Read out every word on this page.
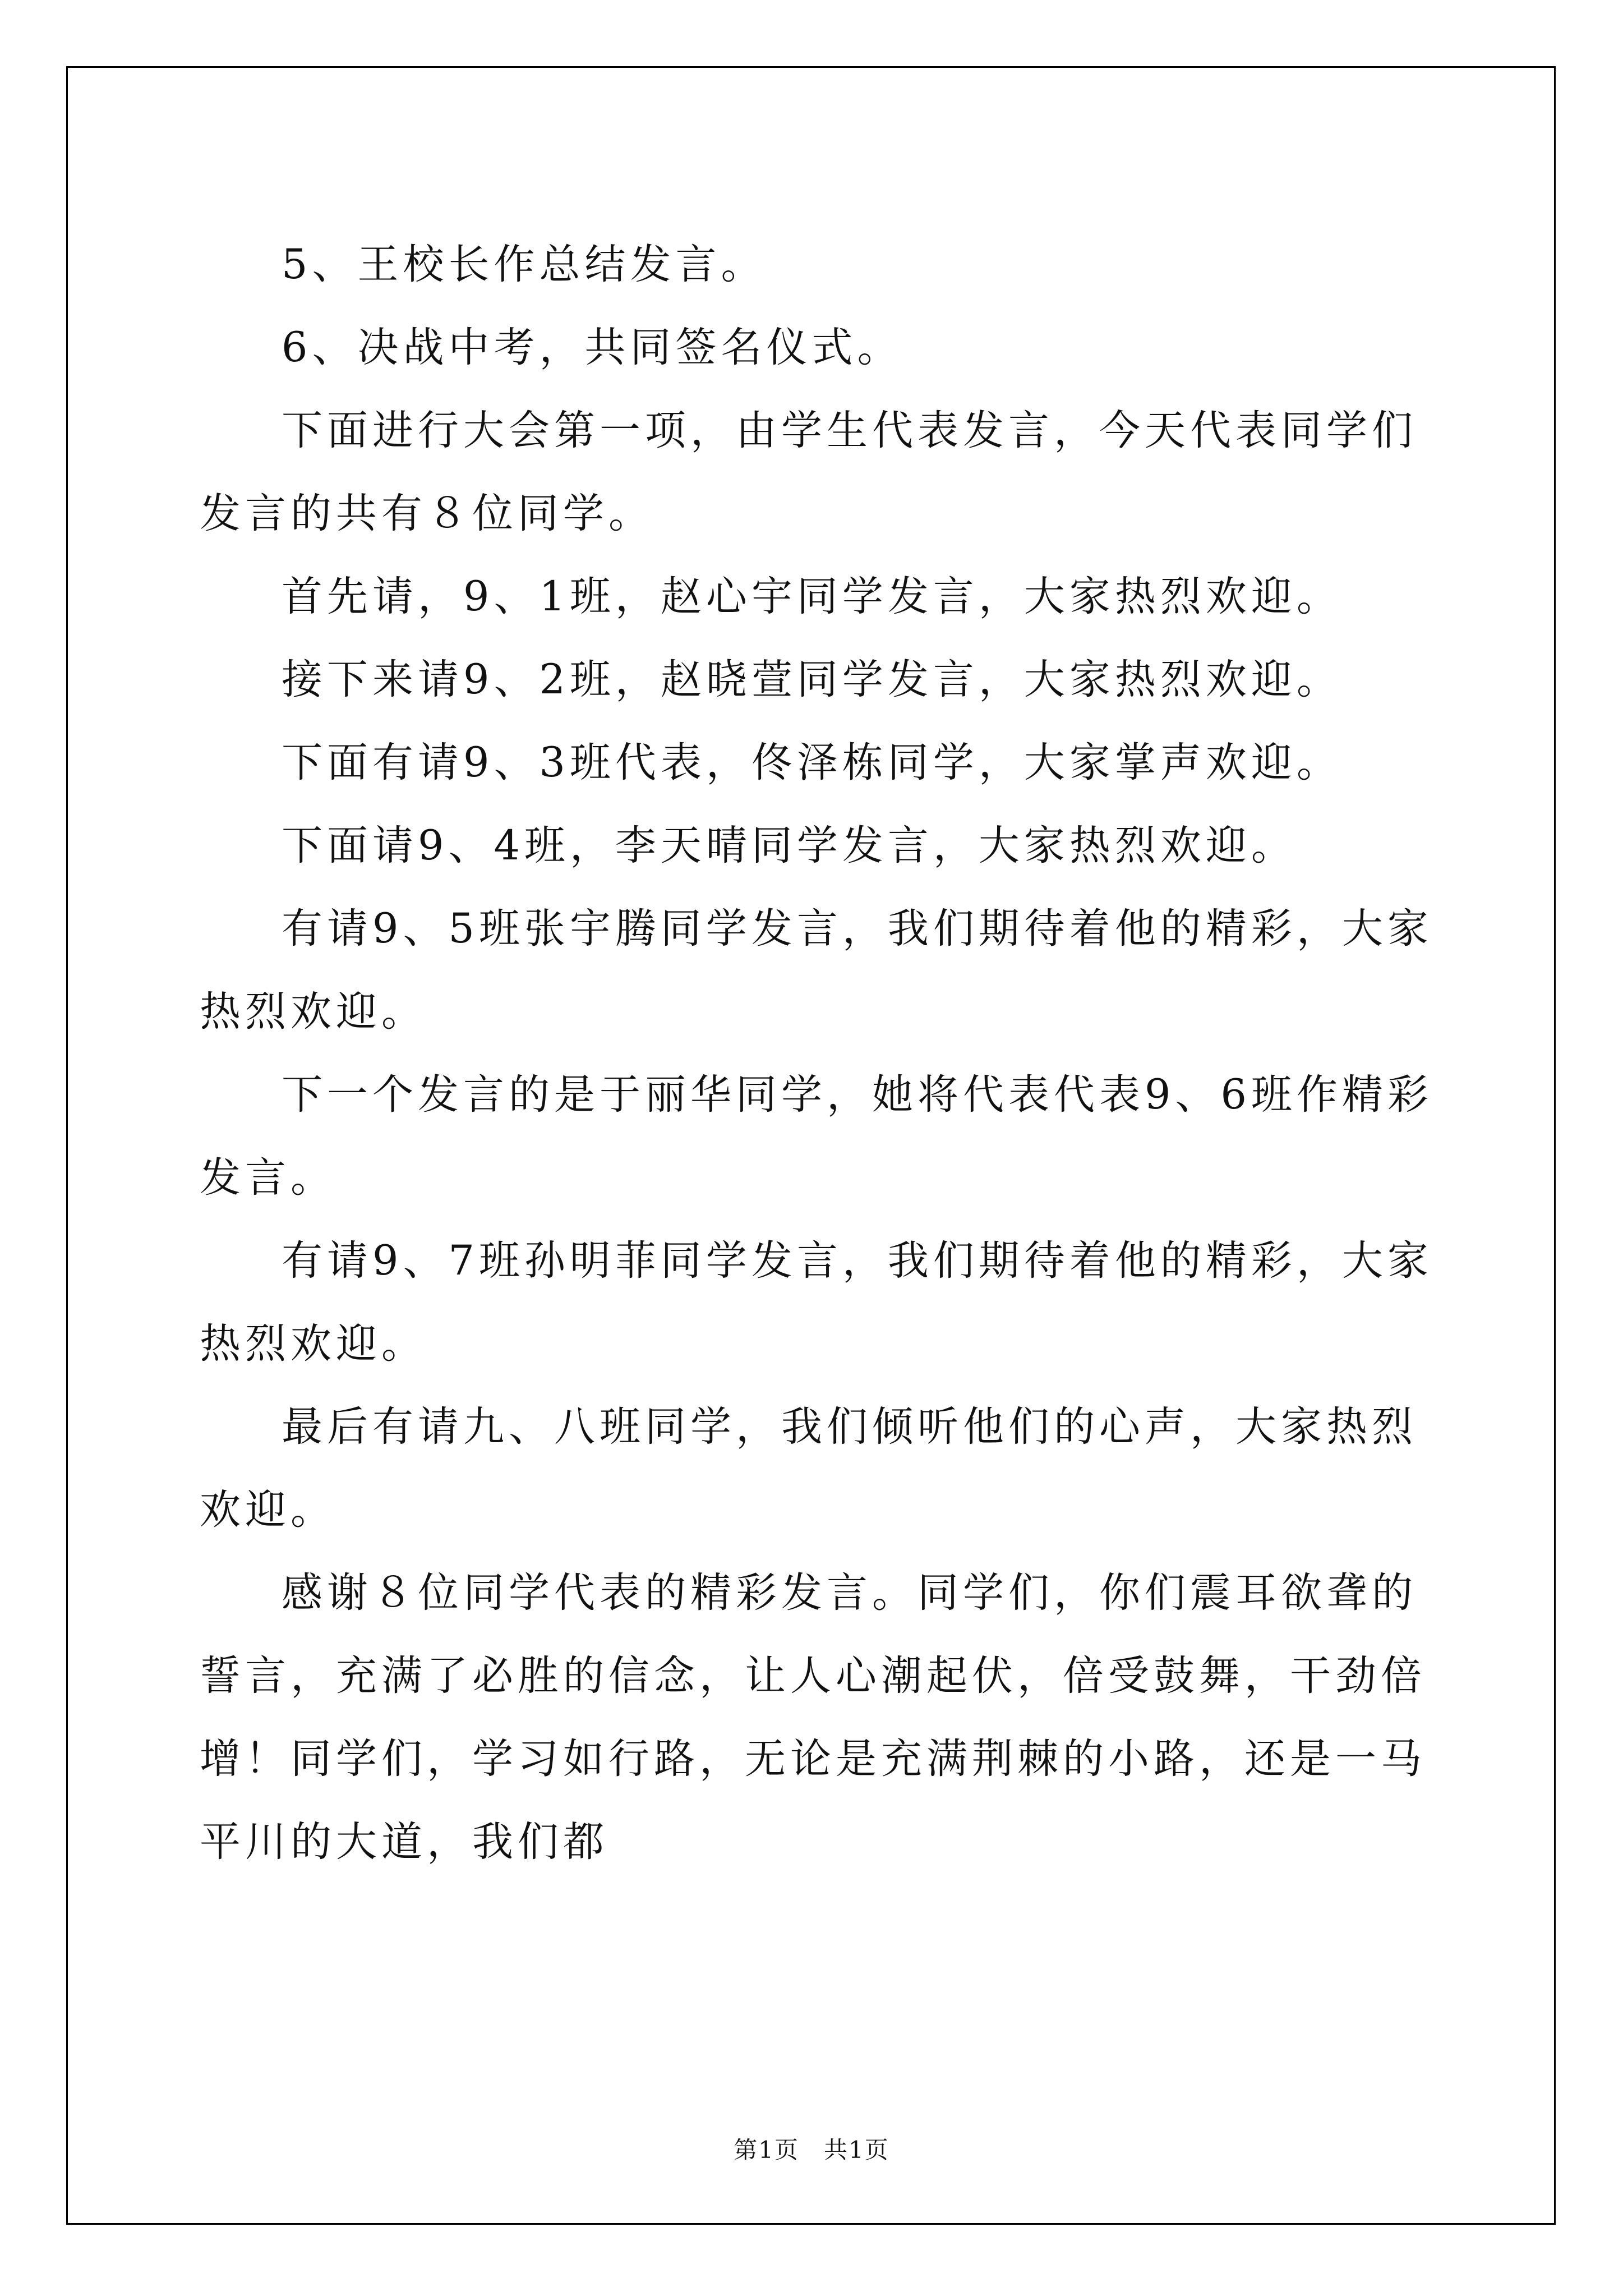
5、王校长作总结发言。

6、决战中考，共同签名仪式。

下面进行大会第一项，由学生代表发言，今天代表同学们发言的共有８位同学。

首先请，9、1班，赵心宇同学发言，大家热烈欢迎。

接下来请9、2班，赵晓萱同学发言，大家热烈欢迎。

下面有请9、3班代表，佟泽栋同学，大家掌声欢迎。

下面请9、4班，李天晴同学发言，大家热烈欢迎。

有请9、5班张宇腾同学发言，我们期待着他的精彩，大家热烈欢迎。

下一个发言的是于丽华同学，她将代表代表9、6班作精彩发言。

有请9、7班孙明菲同学发言，我们期待着他的精彩，大家热烈欢迎。

最后有请九、八班同学，我们倾听他们的心声，大家热烈欢迎。

感谢８位同学代表的精彩发言。同学们，你们震耳欲聋的誓言，充满了必胜的信念，让人心潮起伏，倍受鼓舞，干劲倍增！同学们，学习如行路，无论是充满荆棘的小路，还是一马平川的大道，我们都

第1页 共1页
